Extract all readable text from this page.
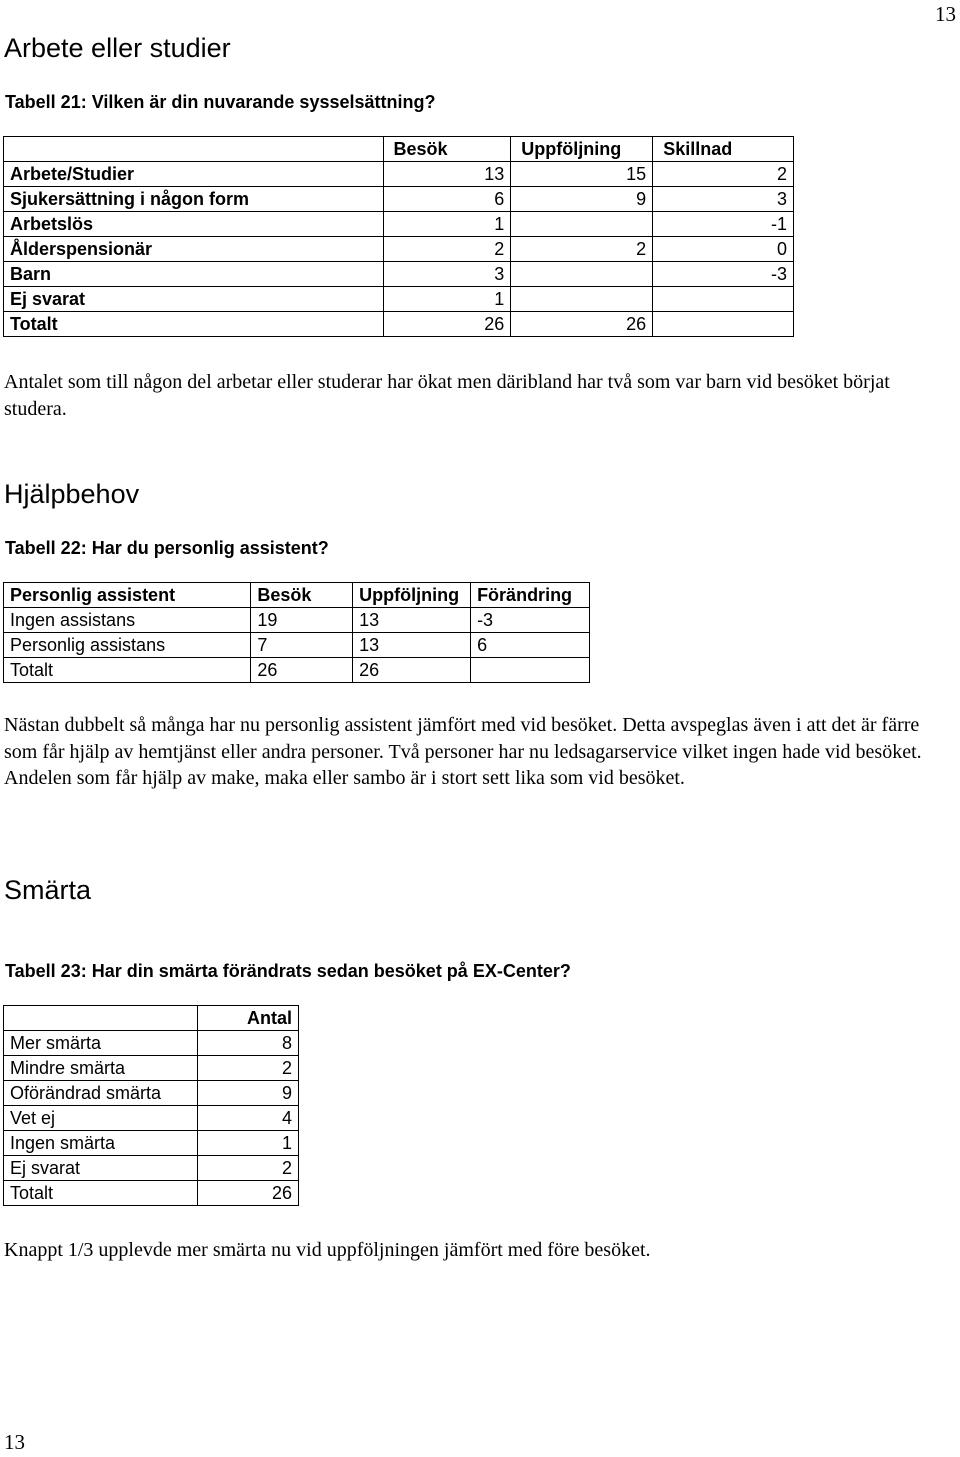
13
Arbete eller studier
Tabell 21: Vilken är din nuvarande sysselsättning?
	Besök	Uppföljning	Skillnad
Arbete/Studier	13	15	2
Sjukersättning i någon form	6	9	3
Arbetslös	1		-1
Ålderspensionär	2	2	0
Barn	3		-3
Ej svarat	1		
Totalt	26	26	

Antalet som till någon del arbetar eller studerar har ökat men däribland har två som var barn vid besöket börjat studera.

Hjälpbehov
Tabell 22: Har du personlig assistent?
Personlig assistent	Besök	Uppföljning	Förändring
Ingen assistans	19	13	-3
Personlig assistans	7	13	6
Totalt	26	26	

Nästan dubbelt så många har nu personlig assistent jämfört med vid besöket. Detta avspeglas även i att det är färre som får hjälp av hemtjänst eller andra personer. Två personer har nu ledsagarservice vilket ingen hade vid besöket. Andelen som får hjälp av make, maka eller sambo är i stort sett lika som vid besöket.

Smärta
Tabell 23: Har din smärta förändrats sedan besöket på EX-Center?
	Antal
Mer smärta	8
Mindre smärta	2
Oförändrad smärta	9
Vet ej	4
Ingen smärta	1
Ej svarat	2
Totalt	26

Knappt 1/3 upplevde mer smärta nu vid uppföljningen jämfört med före besöket.

13
